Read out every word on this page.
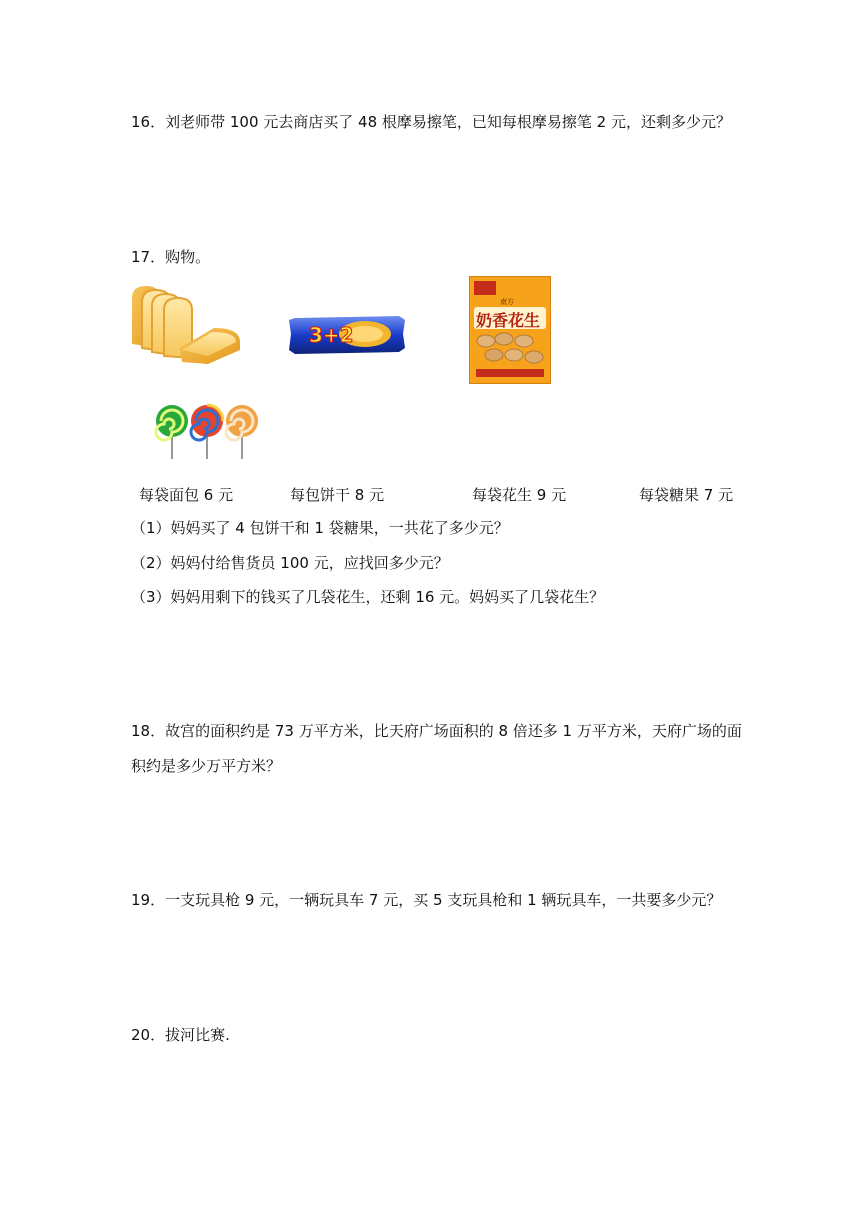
16．刘老师带 100 元去商店买了 48 根摩易擦笔，已知每根摩易擦笔 2 元，还剩多少元？
17．购物。
3+2
南方
奶香花生
每袋面包 6 元	每包饼干 8 元	每袋花生 9 元	每袋糖果 7 元
（1）妈妈买了 4 包饼干和 1 袋糖果，一共花了多少元？
（2）妈妈付给售货员 100 元，应找回多少元？
（3）妈妈用剩下的钱买了几袋花生，还剩 16 元。妈妈买了几袋花生？
18．故宫的面积约是 73 万平方米，比天府广场面积的 8 倍还多 1 万平方米，天府广场的面
积约是多少万平方米？
19．一支玩具枪 9 元，一辆玩具车 7 元，买 5 支玩具枪和 1 辆玩具车，一共要多少元？
20．拔河比赛.
